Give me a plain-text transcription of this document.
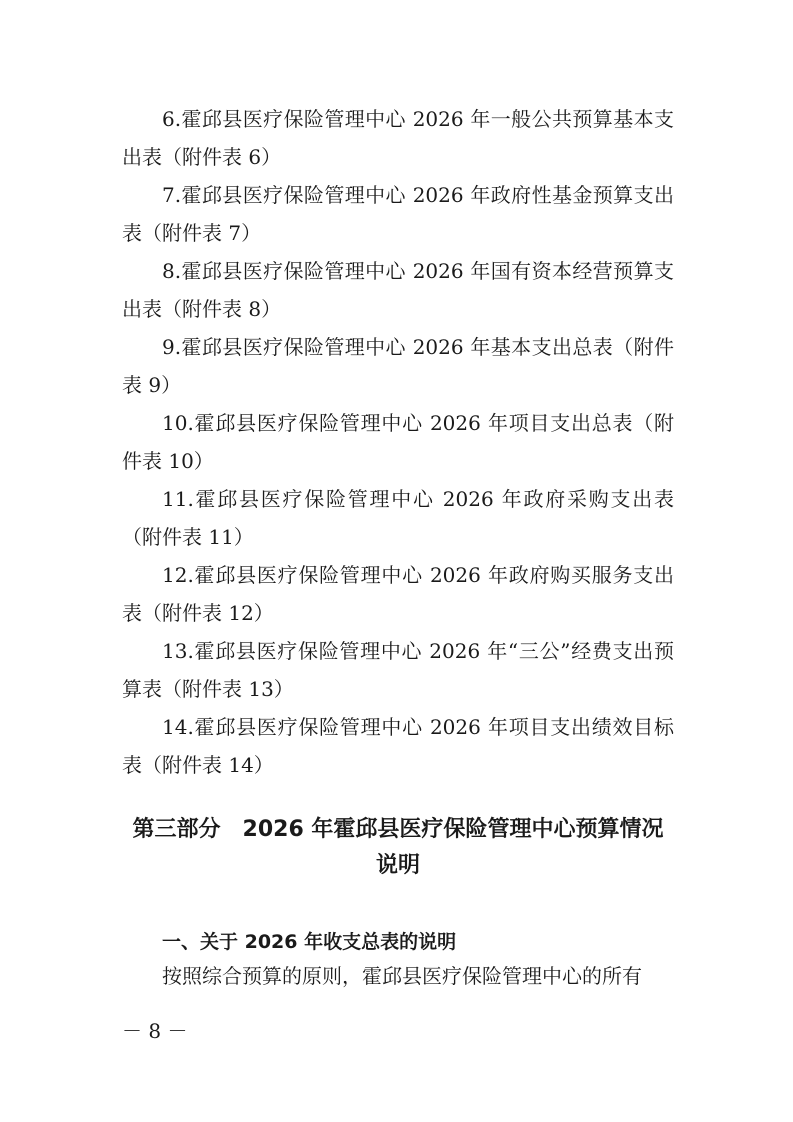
6.霍邱县医疗保险管理中心 2026 年一般公共预算基本支出表（附件表 6）

7.霍邱县医疗保险管理中心 2026 年政府性基金预算支出表（附件表 7）

8.霍邱县医疗保险管理中心 2026 年国有资本经营预算支出表（附件表 8）

9.霍邱县医疗保险管理中心 2026 年基本支出总表（附件表 9）

10.霍邱县医疗保险管理中心 2026 年项目支出总表（附件表 10）

11.霍邱县医疗保险管理中心 2026 年政府采购支出表（附件表 11）

12.霍邱县医疗保险管理中心 2026 年政府购买服务支出表（附件表 12）

13.霍邱县医疗保险管理中心 2026 年“三公”经费支出预算表（附件表 13）

14.霍邱县医疗保险管理中心 2026 年项目支出绩效目标表（附件表 14）

第三部分　2026 年霍邱县医疗保险管理中心预算情况说明
一、关于 2026 年收支总表的说明

按照综合预算的原则，霍邱县医疗保险管理中心的所有

－ 8 －
